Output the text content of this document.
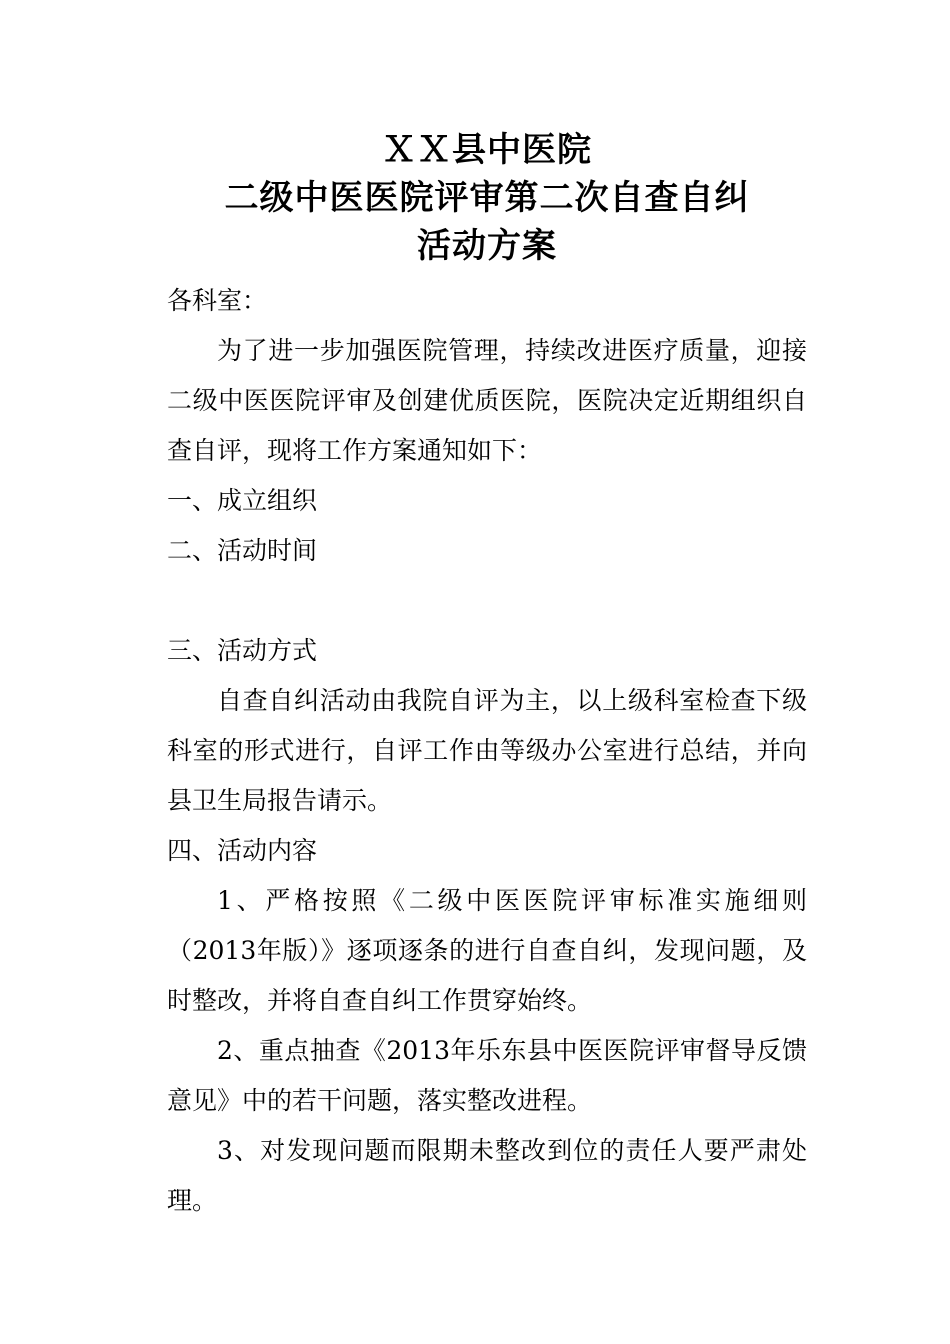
ＸＸ县中医院
二级中医医院评审第二次自查自纠
活动方案

各科室：

为了进一步加强医院管理，持续改进医疗质量，迎接二级中医医院评审及创建优质医院，医院决定近期组织自查自评，现将工作方案通知如下：

一、成立组织

二、活动时间

三、活动方式

自查自纠活动由我院自评为主，以上级科室检查下级科室的形式进行，自评工作由等级办公室进行总结，并向县卫生局报告请示。

四、活动内容

1、严格按照《二级中医医院评审标准实施细则（2013年版）》逐项逐条的进行自查自纠，发现问题，及时整改，并将自查自纠工作贯穿始终。

2、重点抽查《2013年乐东县中医医院评审督导反馈意见》中的若干问题，落实整改进程。

3、对发现问题而限期未整改到位的责任人要严肃处理。
